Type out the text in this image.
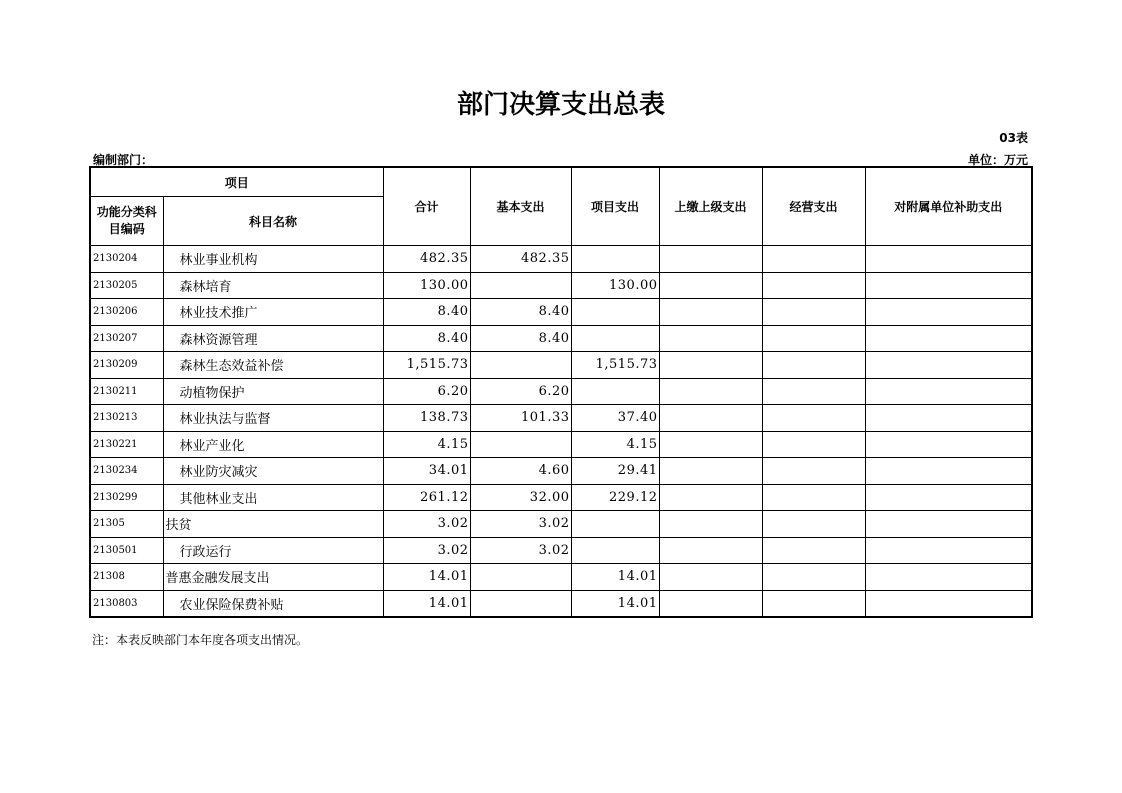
部门决算支出总表
03表
编制部门：	单位：万元
项目		合计	基本支出	项目支出	上缴上级支出	经营支出	对附属单位补助支出
功能分类科目编码	科目名称						
2130204	林业事业机构	482.35	482.35				
2130205	森林培育	130.00		130.00			
2130206	林业技术推广	8.40	8.40				
2130207	森林资源管理	8.40	8.40				
2130209	森林生态效益补偿	1,515.73		1,515.73			
2130211	动植物保护	6.20	6.20				
2130213	林业执法与监督	138.73	101.33	37.40			
2130221	林业产业化	4.15		4.15			
2130234	林业防灾减灾	34.01	4.60	29.41			
2130299	其他林业支出	261.12	32.00	229.12			
21305	扶贫	3.02	3.02				
2130501	行政运行	3.02	3.02				
21308	普惠金融发展支出	14.01		14.01			
2130803	农业保险保费补贴	14.01		14.01			
注：本表反映部门本年度各项支出情况。
